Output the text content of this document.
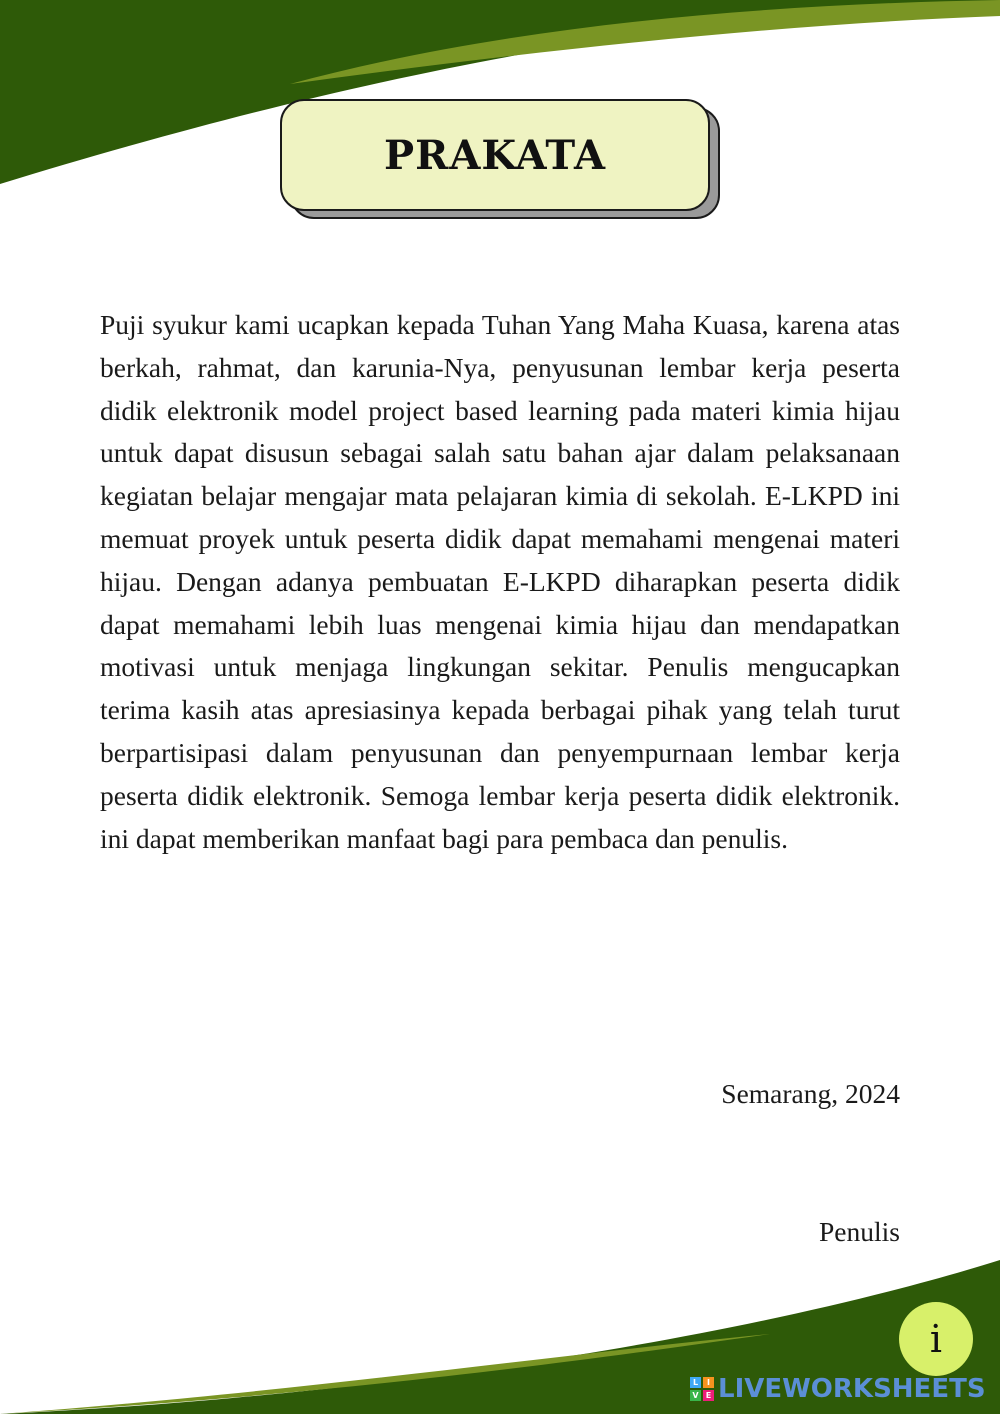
PRAKATA

Puji syukur kami ucapkan kepada Tuhan Yang Maha Kuasa, karena atas berkah, rahmat, dan karunia-Nya, penyusunan lembar kerja peserta didik elektronik model project based learning pada materi kimia hijau untuk dapat disusun sebagai salah satu bahan ajar dalam pelaksanaan kegiatan belajar mengajar mata pelajaran kimia di sekolah. E-LKPD ini memuat proyek untuk peserta didik dapat memahami mengenai materi hijau. Dengan adanya pembuatan E-LKPD diharapkan peserta didik dapat memahami lebih luas mengenai kimia hijau dan mendapatkan motivasi untuk menjaga lingkungan sekitar. Penulis mengucapkan terima kasih atas apresiasinya kepada berbagai pihak yang telah turut berpartisipasi dalam penyusunan dan penyempurnaan lembar kerja peserta didik elektronik. Semoga lembar kerja peserta didik elektronik. ini dapat memberikan manfaat bagi para pembaca dan penulis.

Semarang, 2024
Penulis
i
L	I
V E LIVEWORKSHEETS
